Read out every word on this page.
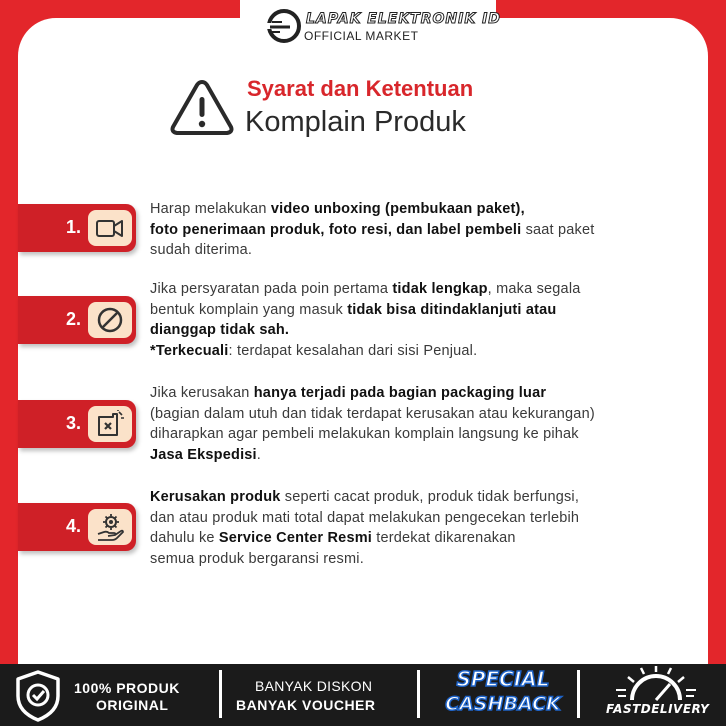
LAPAK ELEKTRONIK ID
OFFICIAL MARKET
Syarat dan Ketentuan
Komplain Produk
1.
Harap melakukan video unboxing (pembukaan paket),
foto penerimaan produk, foto resi, dan label pembeli saat paket
sudah diterima.
2.
Jika persyaratan pada poin pertama tidak lengkap, maka segala
bentuk komplain yang masuk tidak bisa ditindaklanjuti atau
dianggap tidak sah.
*Terkecuali: terdapat kesalahan dari sisi Penjual.
3.
Jika kerusakan hanya terjadi pada bagian packaging luar
(bagian dalam utuh dan tidak terdapat kerusakan atau kekurangan)
diharapkan agar pembeli melakukan komplain langsung ke pihak
Jasa Ekspedisi.
4.
Kerusakan produk seperti cacat produk, produk tidak berfungsi,
dan atau produk mati total dapat melakukan pengecekan terlebih
dahulu ke Service Center Resmi terdekat dikarenakan
semua produk bergaransi resmi.
100% PRODUK
ORIGINAL
BANYAK DISKON
BANYAK VOUCHER
SPECIAL
CASHBACK	FASTDELIVERY
